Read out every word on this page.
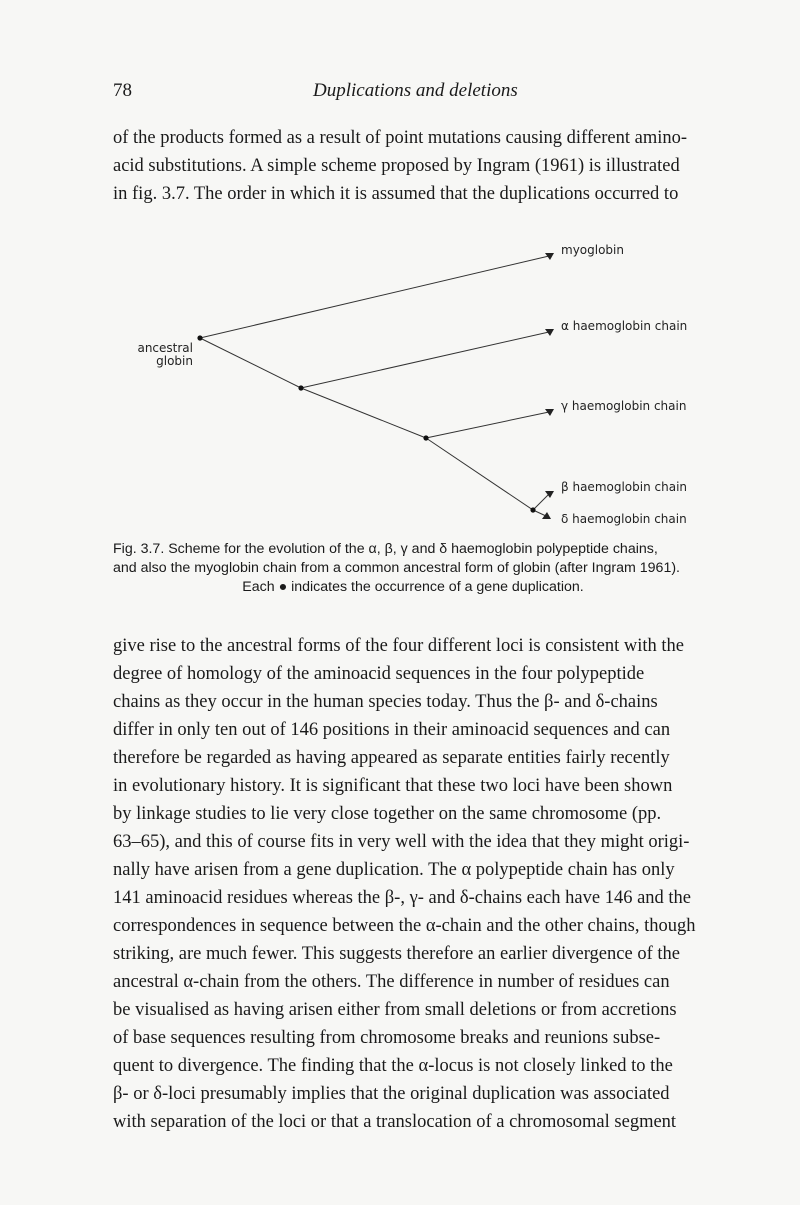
78	Duplications and deletions

of the products formed as a result of point mutations causing different amino-

acid substitutions. A simple scheme proposed by Ingram (1961) is illustrated

in fig. 3.7. The order in which it is assumed that the duplications occurred to

ancestral
globin
myoglobin
α haemoglobin chain
γ haemoglobin chain
β haemoglobin chain
δ haemoglobin chain
Fig. 3.7. Scheme for the evolution of the α, β, γ and δ haemoglobin polypeptide chains,
and also the myoglobin chain from a common ancestral form of globin (after Ingram 1961).
Each ● indicates the occurrence of a gene duplication.

give rise to the ancestral forms of the four different loci is consistent with the

degree of homology of the aminoacid sequences in the four polypeptide

chains as they occur in the human species today. Thus the β- and δ-chains

differ in only ten out of 146 positions in their aminoacid sequences and can

therefore be regarded as having appeared as separate entities fairly recently

in evolutionary history. It is significant that these two loci have been shown

by linkage studies to lie very close together on the same chromosome (pp.

63–65), and this of course fits in very well with the idea that they might origi-

nally have arisen from a gene duplication. The α polypeptide chain has only

141 aminoacid residues whereas the β-, γ- and δ-chains each have 146 and the

correspondences in sequence between the α-chain and the other chains, though

striking, are much fewer. This suggests therefore an earlier divergence of the

ancestral α-chain from the others. The difference in number of residues can

be visualised as having arisen either from small deletions or from accretions

of base sequences resulting from chromosome breaks and reunions subse-

quent to divergence. The finding that the α-locus is not closely linked to the

β- or δ-loci presumably implies that the original duplication was associated

with separation of the loci or that a translocation of a chromosomal segment
